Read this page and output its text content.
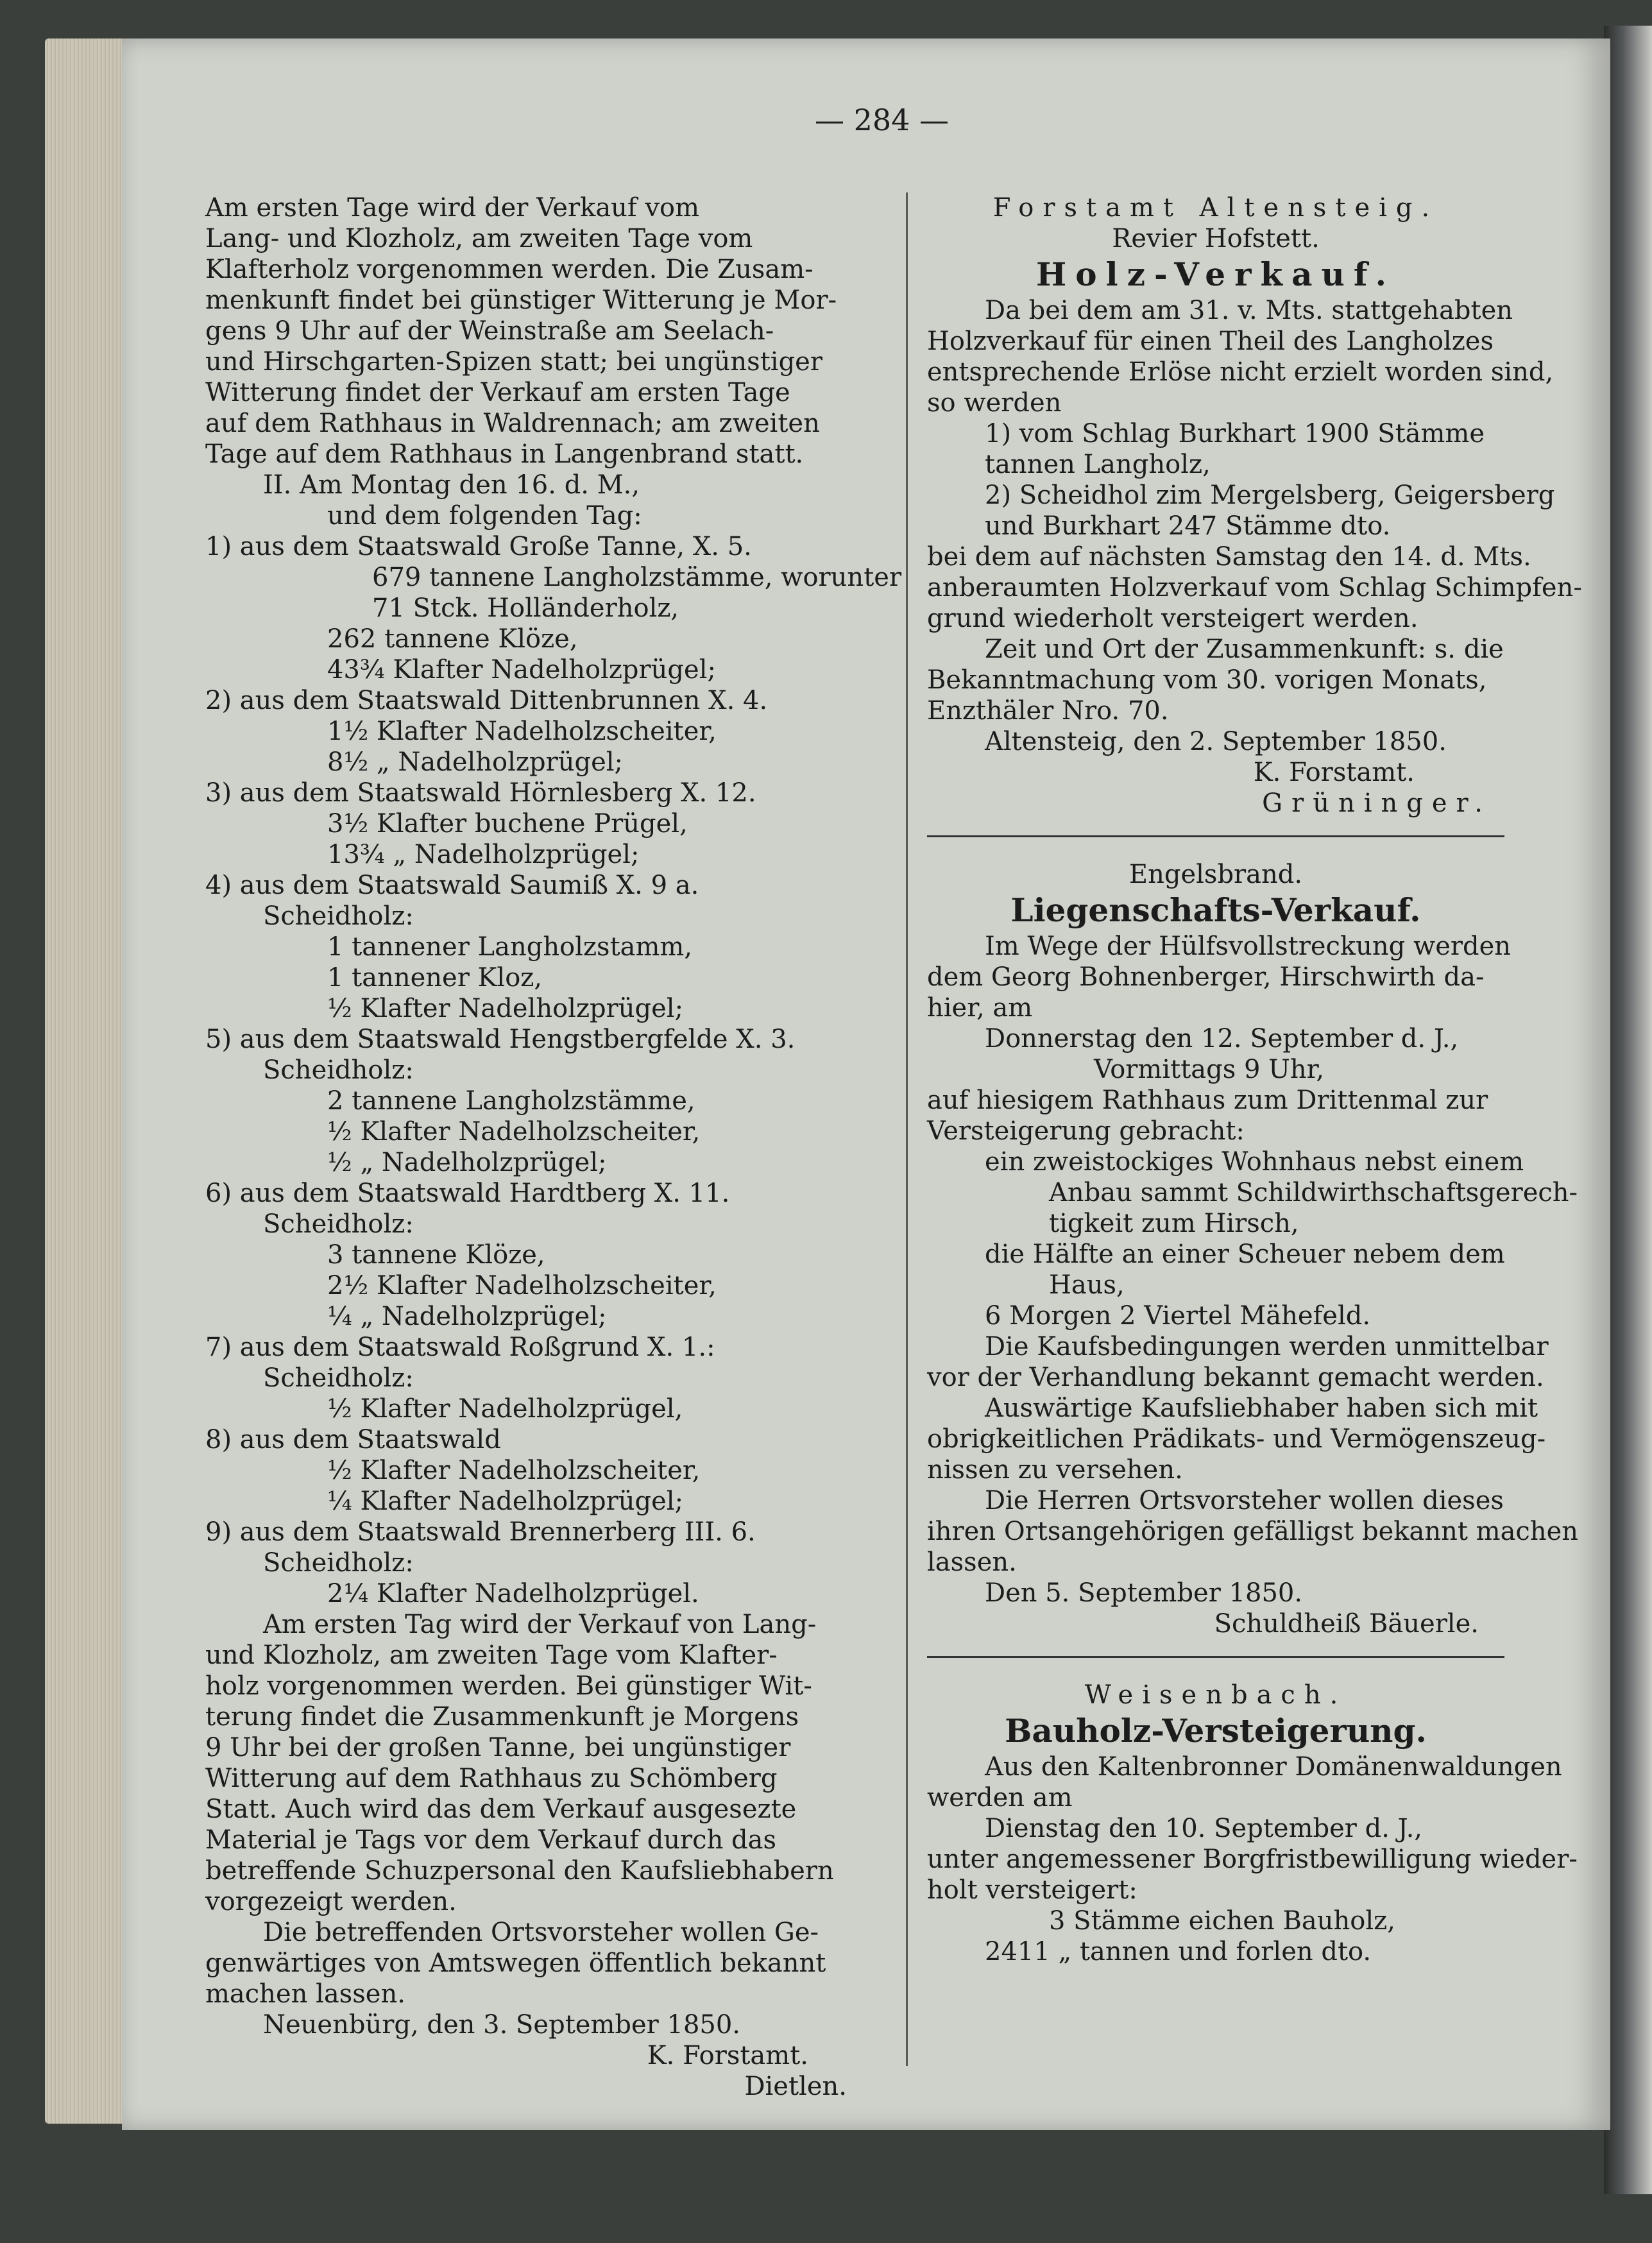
— 284 —
Am ersten Tage wird der Verkauf vom
Lang- und Klozholz, am zweiten Tage vom
Klafterholz vorgenommen werden. Die Zusam-
menkunft findet bei günstiger Witterung je Mor-
gens 9 Uhr auf der Weinstraße am Seelach-
und Hirschgarten-Spizen statt; bei ungünstiger
Witterung findet der Verkauf am ersten Tage
auf dem Rathhaus in Waldrennach; am zweiten
Tage auf dem Rathhaus in Langenbrand statt.
II. Am Montag den 16. d. M.,
und dem folgenden Tag:
1) aus dem Staatswald Große Tanne, X. 5.
679 tannene Langholzstämme, worunter
71 Stck. Holländerholz,
262 tannene Klöze,
43¾ Klafter Nadelholzprügel;
2) aus dem Staatswald Dittenbrunnen X. 4.
1½ Klafter Nadelholzscheiter,
8½ „ Nadelholzprügel;
3) aus dem Staatswald Hörnlesberg X. 12.
3½ Klafter buchene Prügel,
13¾ „ Nadelholzprügel;
4) aus dem Staatswald Saumiß X. 9 a.
Scheidholz:
1 tannener Langholzstamm,
1 tannener Kloz,
½ Klafter Nadelholzprügel;
5) aus dem Staatswald Hengstbergfelde X. 3.
Scheidholz:
2 tannene Langholzstämme,
½ Klafter Nadelholzscheiter,
½ „ Nadelholzprügel;
6) aus dem Staatswald Hardtberg X. 11.
Scheidholz:
3 tannene Klöze,
2½ Klafter Nadelholzscheiter,
¼ „ Nadelholzprügel;
7) aus dem Staatswald Roßgrund X. 1.:
Scheidholz:
½ Klafter Nadelholzprügel,
8) aus dem Staatswald
½ Klafter Nadelholzscheiter,
¼ Klafter Nadelholzprügel;
9) aus dem Staatswald Brennerberg III. 6.
Scheidholz:
2¼ Klafter Nadelholzprügel.
Am ersten Tag wird der Verkauf von Lang-
und Klozholz, am zweiten Tage vom Klafter-
holz vorgenommen werden. Bei günstiger Wit-
terung findet die Zusammenkunft je Morgens
9 Uhr bei der großen Tanne, bei ungünstiger
Witterung auf dem Rathhaus zu Schömberg
Statt. Auch wird das dem Verkauf ausgesezte
Material je Tags vor dem Verkauf durch das
betreffende Schuzpersonal den Kaufsliebhabern
vorgezeigt werden.
Die betreffenden Ortsvorsteher wollen Ge-
genwärtiges von Amtswegen öffentlich bekannt
machen lassen.
Neuenbürg, den 3. September 1850.
K. Forstamt.
Dietlen.
Forstamt Altensteig.
Revier Hofstett.
Holz-Verkauf.
Da bei dem am 31. v. Mts. stattgehabten
Holzverkauf für einen Theil des Langholzes
entsprechende Erlöse nicht erzielt worden sind,
so werden
1) vom Schlag Burkhart 1900 Stämme
tannen Langholz,
2) Scheidhol zim Mergelsberg, Geigersberg
und Burkhart 247 Stämme dto.
bei dem auf nächsten Samstag den 14. d. Mts.
anberaumten Holzverkauf vom Schlag Schimpfen-
grund wiederholt versteigert werden.
Zeit und Ort der Zusammenkunft: s. die
Bekanntmachung vom 30. vorigen Monats,
Enzthäler Nro. 70.
Altensteig, den 2. September 1850.
K. Forstamt.
Grüninger.
Engelsbrand.
Liegenschafts-Verkauf.
Im Wege der Hülfsvollstreckung werden
dem Georg Bohnenberger, Hirschwirth da-
hier, am
Donnerstag den 12. September d. J.,
Vormittags 9 Uhr,
auf hiesigem Rathhaus zum Drittenmal zur
Versteigerung gebracht:
ein zweistockiges Wohnhaus nebst einem
Anbau sammt Schildwirthschaftsgerech-
tigkeit zum Hirsch,
die Hälfte an einer Scheuer nebem dem
Haus,
6 Morgen 2 Viertel Mähefeld.
Die Kaufsbedingungen werden unmittelbar
vor der Verhandlung bekannt gemacht werden.
Auswärtige Kaufsliebhaber haben sich mit
obrigkeitlichen Prädikats- und Vermögenszeug-
nissen zu versehen.
Die Herren Ortsvorsteher wollen dieses
ihren Ortsangehörigen gefälligst bekannt machen
lassen.
Den 5. September 1850.
Schuldheiß Bäuerle.
Weisenbach.
Bauholz-Versteigerung.
Aus den Kaltenbronner Domänenwaldungen
werden am
Dienstag den 10. September d. J.,
unter angemessener Borgfristbewilligung wieder-
holt versteigert:
3 Stämme eichen Bauholz,
2411 „ tannen und forlen dto.
